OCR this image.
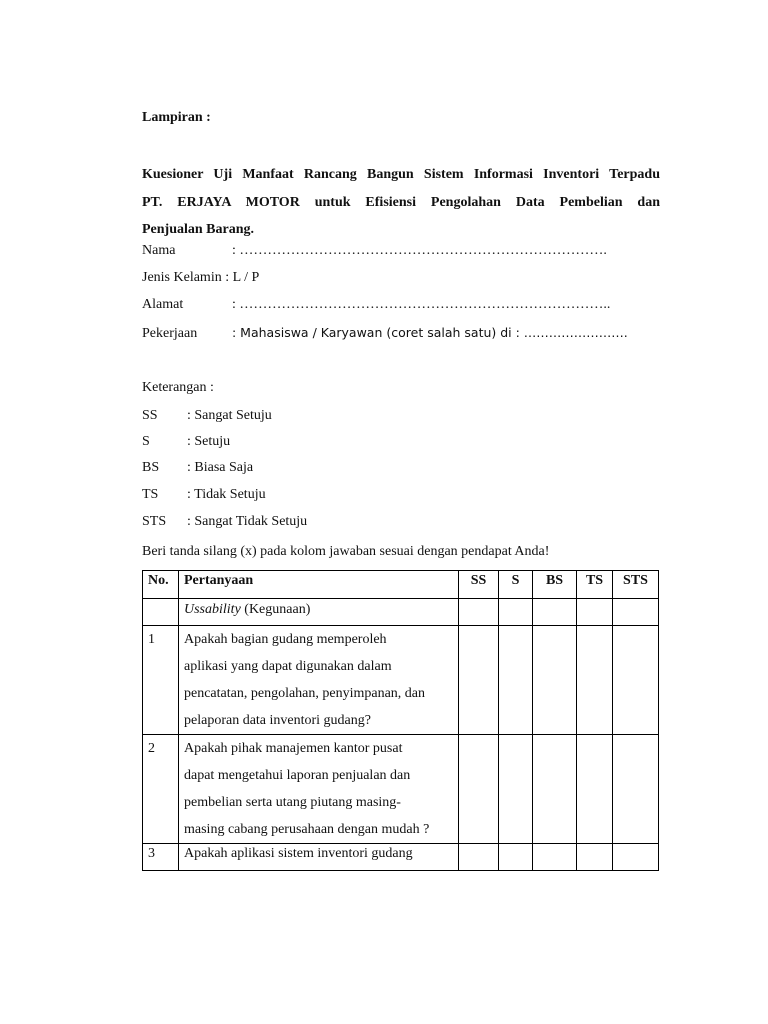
Lampiran :
Kuesioner Uji Manfaat Rancang Bangun Sistem Informasi Inventori Terpadu
PT. ERJAYA MOTOR untuk Efisiensi Pengolahan Data Pembelian dan
Penjualan Barang.
Nama	: …………………………………………………………………….
Jenis Kelamin : L / P
Alamat	: ……………………………………………………………………..
Pekerjaan	: Mahasiswa / Karyawan (coret salah satu) di : …………………….
Keterangan :
SS : Sangat Setuju
S	: Setuju
BS : Biasa Saja
TS : Tidak Setuju
STS : Sangat Tidak Setuju
Beri tanda silang (x) pada kolom jawaban sesuai dengan pendapat Anda!
No.	Pertanyaan	SS	S	BS	TS	STS
	Ussability (Kegunaan)					
1	Apakah bagian gudang memperoleh
aplikasi yang dapat digunakan dalam
pencatatan, pengolahan, penyimpanan, dan
pelaporan data inventori gudang?					

2	Apakah pihak manajemen kantor pusat
dapat mengetahui laporan penjualan dan
pembelian serta utang piutang masing-
masing cabang perusahaan dengan mudah ?					

3	Apakah aplikasi sistem inventori gudang					
